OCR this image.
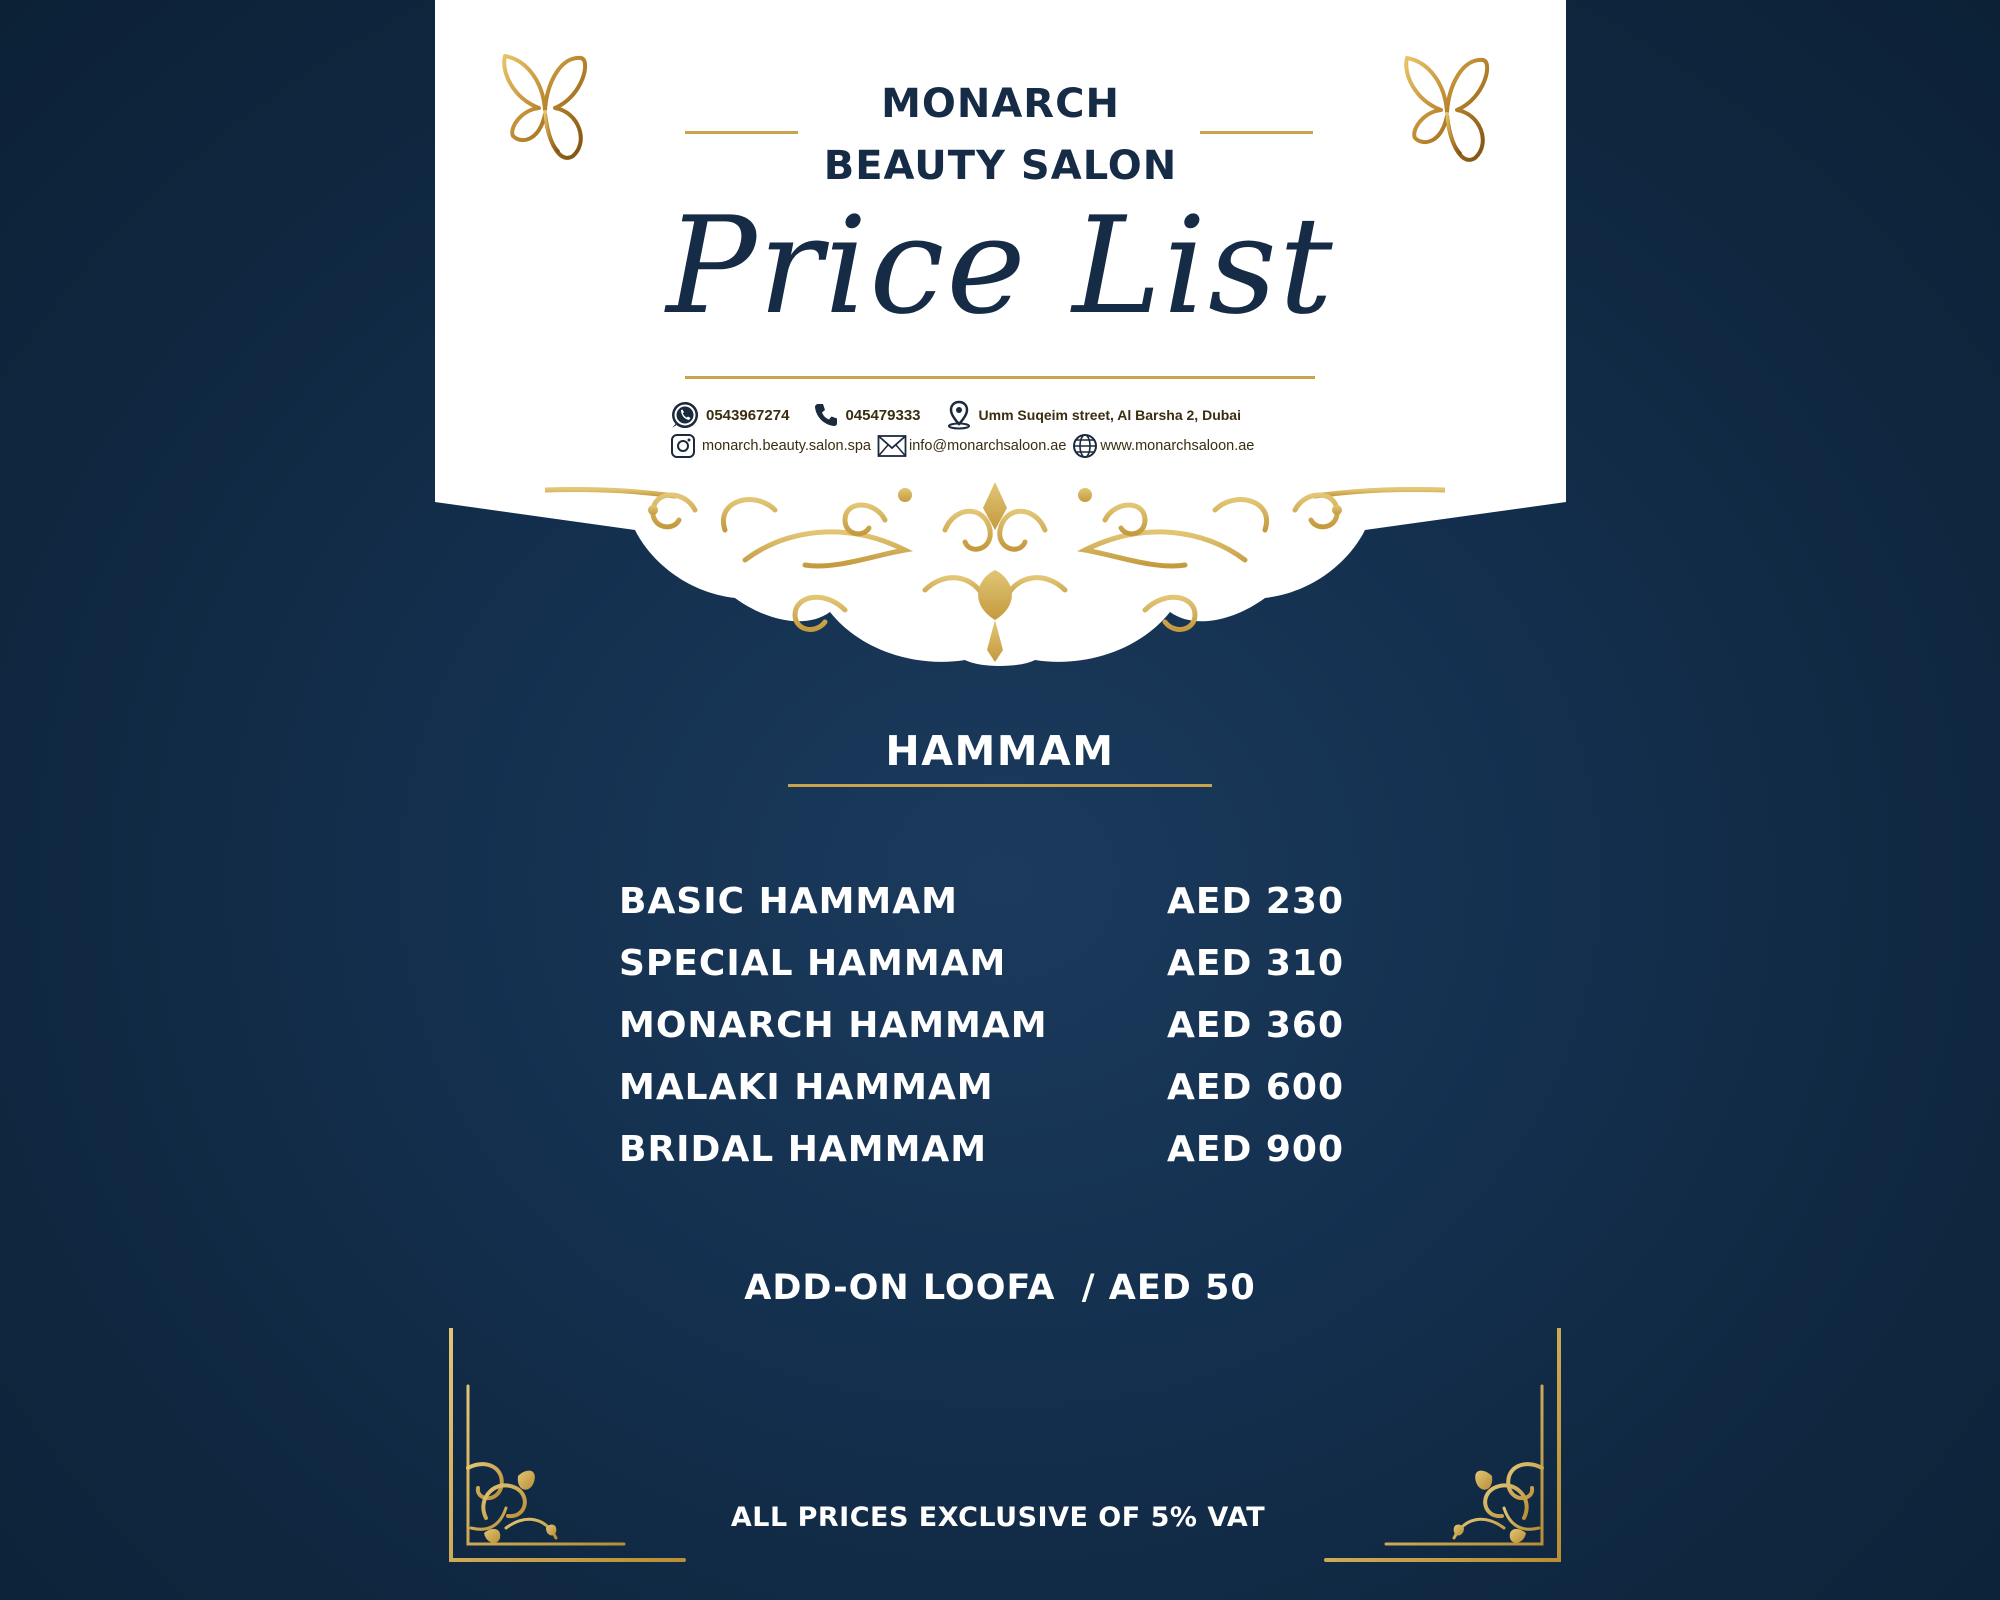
MONARCH
BEAUTY SALON
Price List
0543967274	045479333	Umm Suqeim street, Al Barsha 2, Dubai
monarch.beauty.salon.spa	info@monarchsaloon.ae www.monarchsaloon.ae
HAMMAM
BASIC HAMMAM	AED 230
SPECIAL HAMMAM	AED 310
MONARCH HAMMAM	AED 360
MALAKI HAMMAM	AED 600
BRIDAL HAMMAM	AED 900
ADD-ON LOOFA  / AED 50
ALL PRICES EXCLUSIVE OF 5% VAT
